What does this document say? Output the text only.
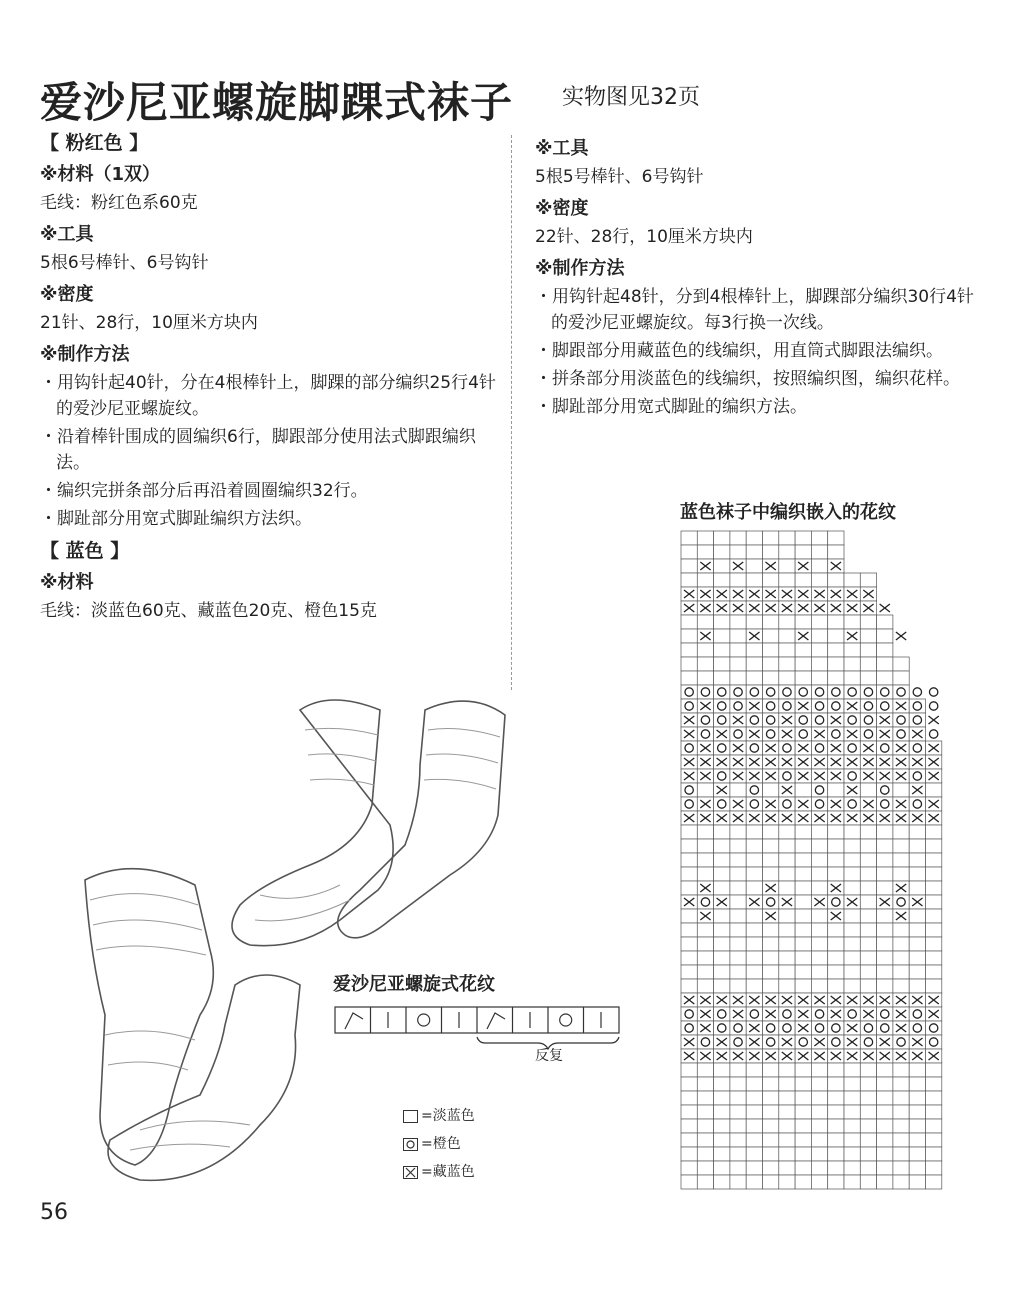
爱沙尼亚螺旋脚踝式袜子 实物图见32页
【 粉红色 】
※材料（1双）
毛线：粉红色系60克
※工具
5根6号棒针、6号钩针
※密度
21针、28行，10厘米方块内
※制作方法
・ 用钩针起40针，分在4根棒针上，脚踝的部分编织25行4针的爱沙尼亚螺旋纹。
・ 沿着棒针围成的圆编织6行，脚跟部分使用法式脚跟编织法。
・ 编织完拼条部分后再沿着圆圈编织32行。
・ 脚趾部分用宽式脚趾编织方法织。
【 蓝色 】
※材料
毛线：淡蓝色60克、藏蓝色20克、橙色15克
※工具
5根5号棒针、6号钩针
※密度
22针、28行，10厘米方块内
※制作方法
・ 用钩针起48针，分到4根棒针上，脚踝部分编织30行4针的爱沙尼亚螺旋纹。每3行换一次线。
・ 脚跟部分用藏蓝色的线编织，用直筒式脚跟法编织。
・ 拼条部分用淡蓝色的线编织，按照编织图，编织花样。
・ 脚趾部分用宽式脚趾的编织方法。
蓝色袜子中编织嵌入的花纹
爱沙尼亚螺旋式花纹
反复
=淡蓝色
=橙色
=藏蓝色
56
